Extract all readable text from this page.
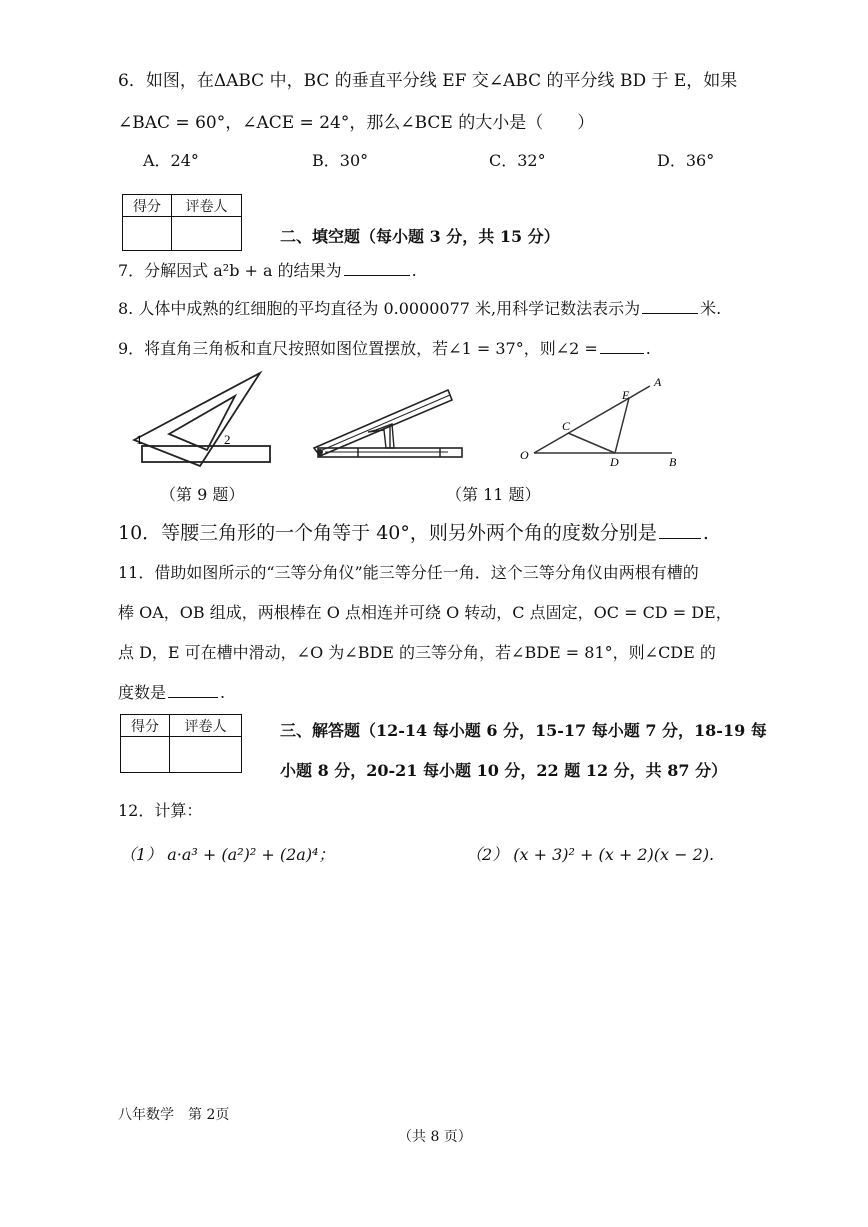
6．如图，在ΔABC 中，BC 的垂直平分线 EF 交∠ABC 的平分线 BD 于 E，如果
∠BAC = 60°，∠ACE = 24°，那么∠BCE 的大小是（　　）
A．24°	B．30°	C．32°	D．36°
得分	评卷人

二、填空题（每小题 3 分，共 15 分）
7．分解因式 a²b + a 的结果为	.
8. 人体中成熟的红细胞的平均直径为 0.0000077 米,用科学记数法表示为	米.
9．将直角三角板和直尺按照如图位置摆放，若∠1 = 37°，则∠2 =	.
1	2
A
E
C
O	D	B
（第 9 题）	（第 11 题）
10．等腰三角形的一个角等于 40°，则另外两个角的度数分别是 .
11．借助如图所示的“三等分角仪”能三等分任一角．这个三等分角仪由两根有槽的
棒 OA，OB 组成，两根棒在 O 点相连并可绕 O 转动，C 点固定，OC = CD = DE，
点 D，E 可在槽中滑动，∠O 为∠BDE 的三等分角，若∠BDE = 81°，则∠CDE 的
度数是	.
得分	评卷人
		三、解答题（12-14 每小题 6 分，15-17 每小题 7 分，18-19 每
小题 8 分，20-21 每小题 10 分，22 题 12 分，共 87 分）
12．计算：
（1） a·a³ + (a²)² + (2a)⁴；	（2） (x + 3)² + (x + 2)(x − 2).
八年数学　第 2页
（共 8 页）
